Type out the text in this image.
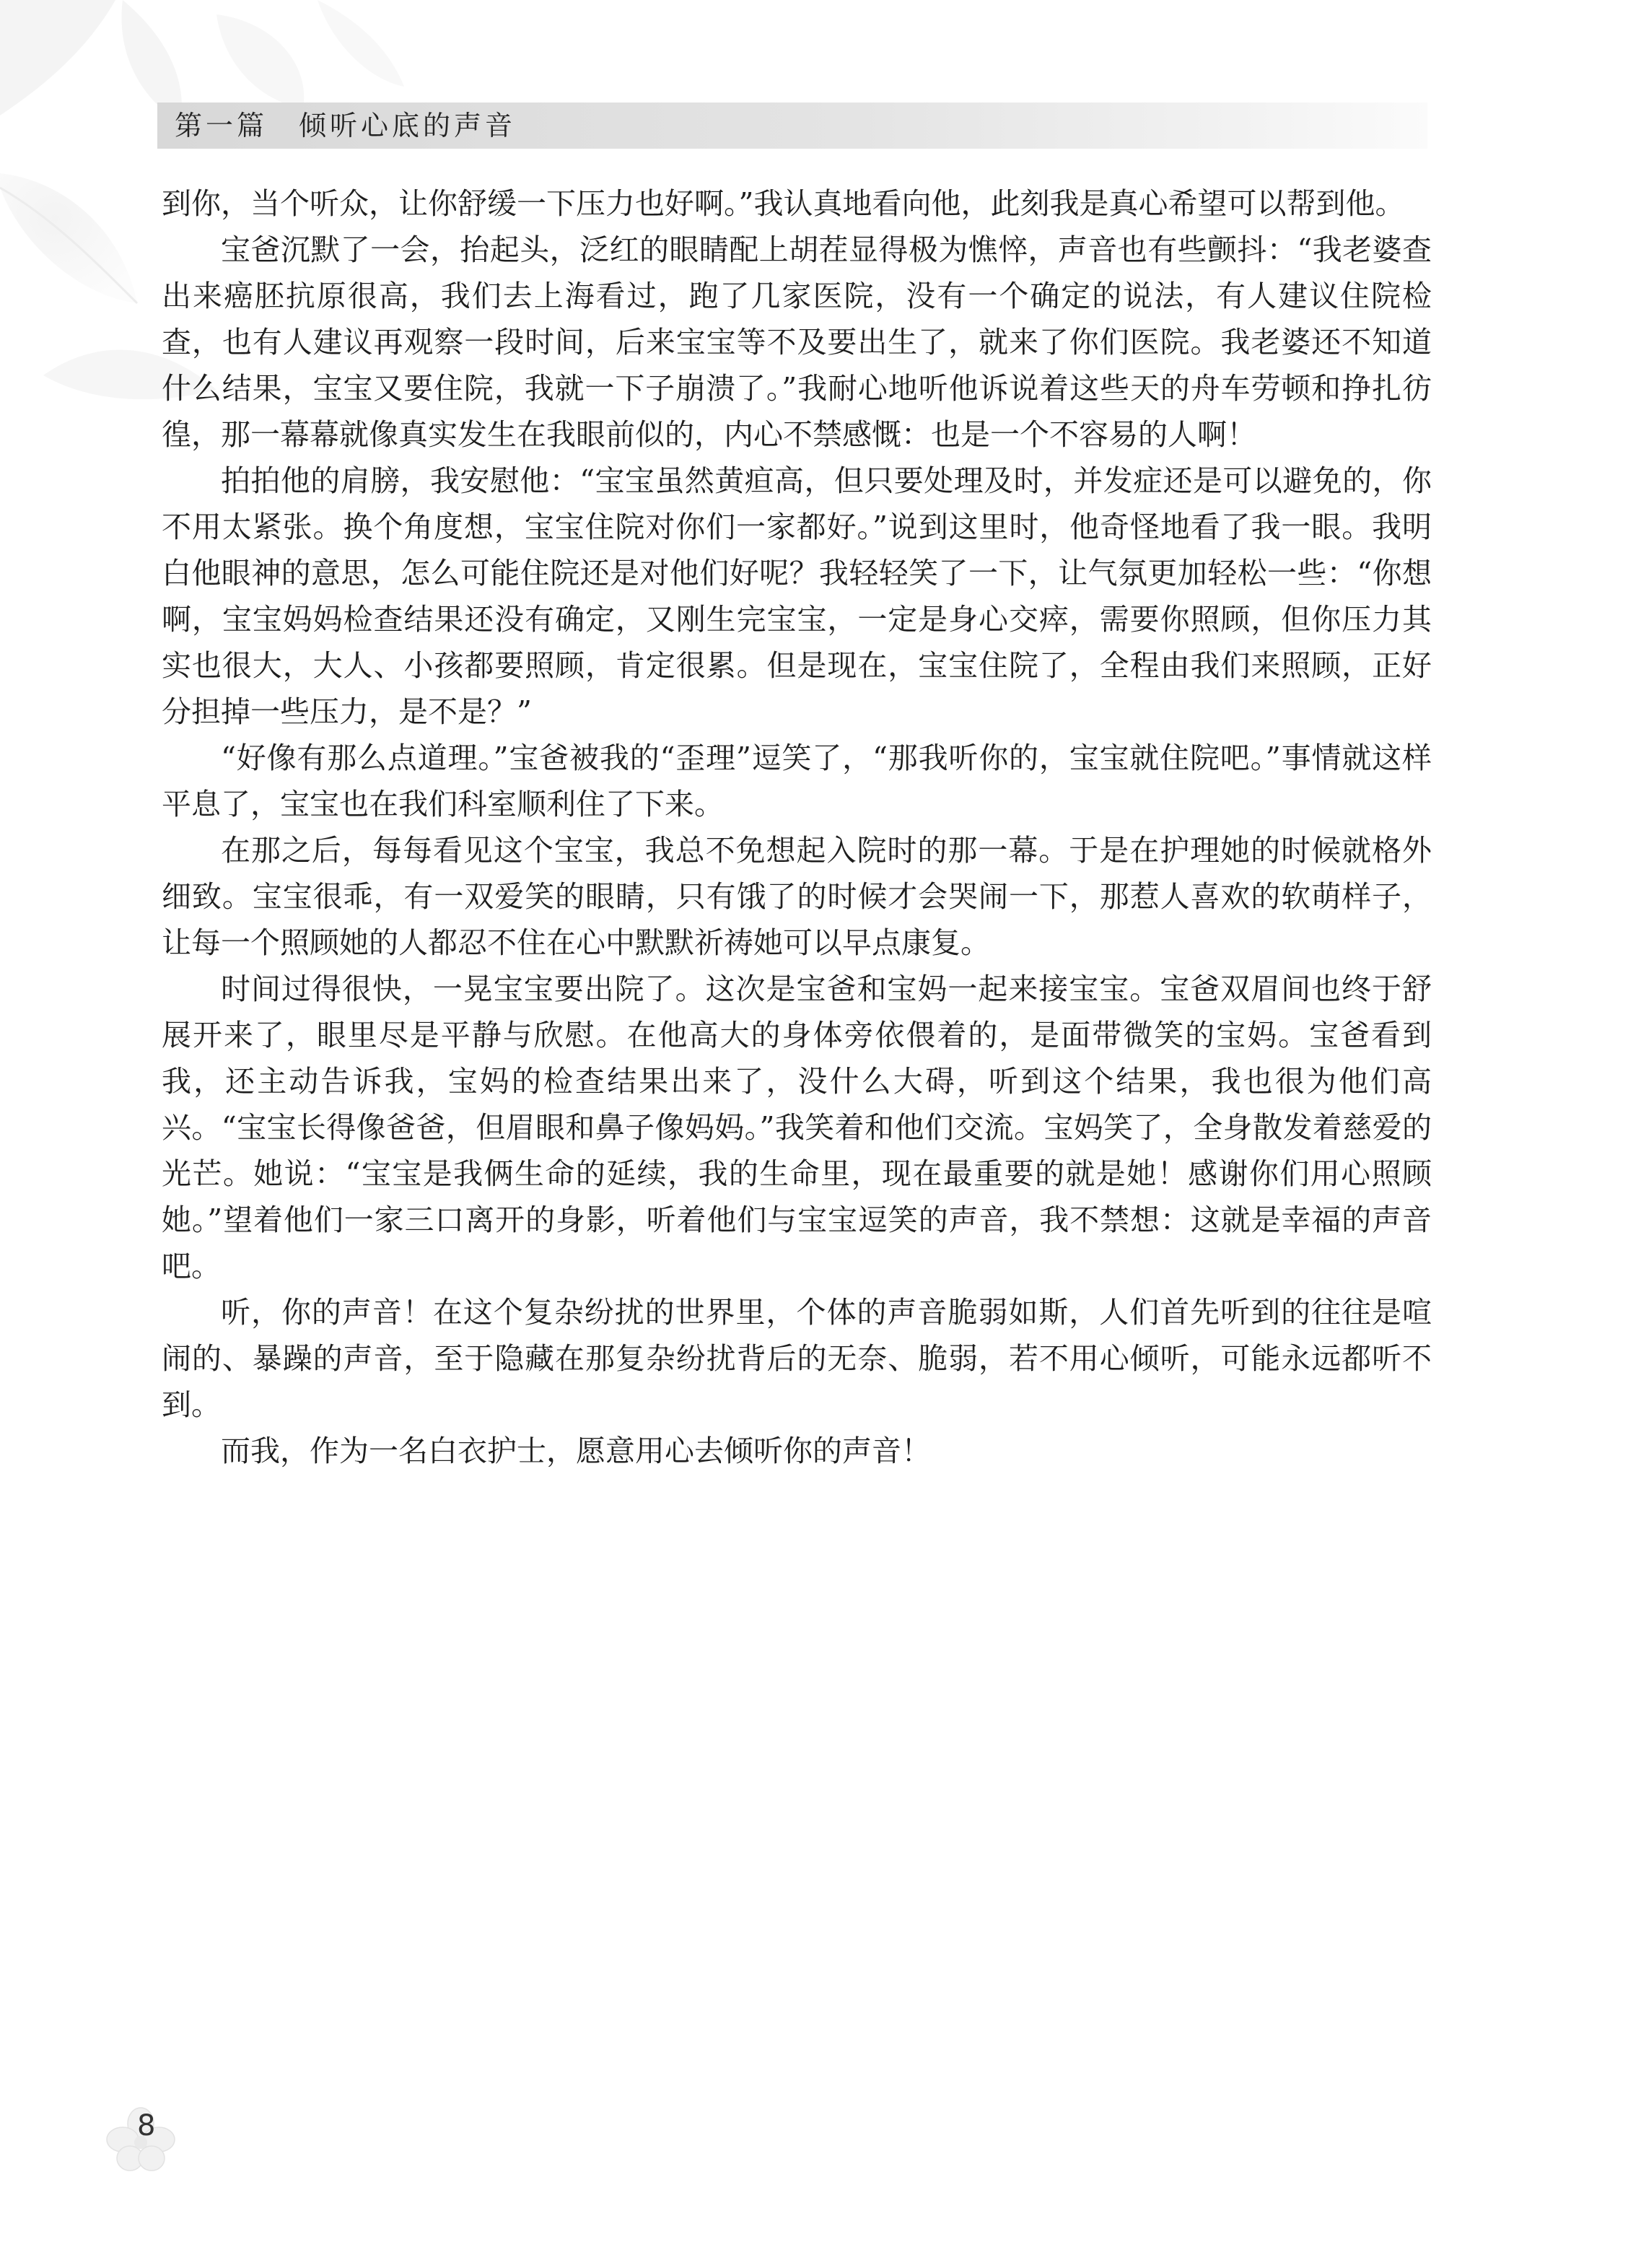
第一篇　倾听心底的声音

到你，当个听众，让你舒缓一下压力也好啊。”我认真地看向他，此刻我是真心希望可以帮到他。

宝爸沉默了一会，抬起头，泛红的眼睛配上胡茬显得极为憔悴，声音也有些颤抖：“我老婆查出来癌胚抗原很高，我们去上海看过，跑了几家医院，没有一个确定的说法，有人建议住院检查，也有人建议再观察一段时间，后来宝宝等不及要出生了，就来了你们医院。我老婆还不知道什么结果，宝宝又要住院，我就一下子崩溃了。”我耐心地听他诉说着这些天的舟车劳顿和挣扎彷徨，那一幕幕就像真实发生在我眼前似的，内心不禁感慨：也是一个不容易的人啊！

拍拍他的肩膀，我安慰他：“宝宝虽然黄疸高，但只要处理及时，并发症还是可以避免的，你不用太紧张。换个角度想，宝宝住院对你们一家都好。”说到这里时，他奇怪地看了我一眼。我明白他眼神的意思，怎么可能住院还是对他们好呢？我轻轻笑了一下，让气氛更加轻松一些：“你想啊，宝宝妈妈检查结果还没有确定，又刚生完宝宝，一定是身心交瘁，需要你照顾，但你压力其实也很大，大人、小孩都要照顾，肯定很累。但是现在，宝宝住院了，全程由我们来照顾，正好分担掉一些压力，是不是？”

“好像有那么点道理。”宝爸被我的“歪理”逗笑了，“那我听你的，宝宝就住院吧。”事情就这样平息了，宝宝也在我们科室顺利住了下来。

在那之后，每每看见这个宝宝，我总不免想起入院时的那一幕。于是在护理她的时候就格外细致。宝宝很乖，有一双爱笑的眼睛，只有饿了的时候才会哭闹一下，那惹人喜欢的软萌样子，让每一个照顾她的人都忍不住在心中默默祈祷她可以早点康复。

时间过得很快，一晃宝宝要出院了。这次是宝爸和宝妈一起来接宝宝。宝爸双眉间也终于舒展开来了，眼里尽是平静与欣慰。在他高大的身体旁依偎着的，是面带微笑的宝妈。宝爸看到我，还主动告诉我，宝妈的检查结果出来了，没什么大碍，听到这个结果，我也很为他们高兴。“宝宝长得像爸爸，但眉眼和鼻子像妈妈。”我笑着和他们交流。宝妈笑了，全身散发着慈爱的光芒。她说：“宝宝是我俩生命的延续，我的生命里，现在最重要的就是她！感谢你们用心照顾她。”望着他们一家三口离开的身影，听着他们与宝宝逗笑的声音，我不禁想：这就是幸福的声音吧。

听，你的声音！在这个复杂纷扰的世界里，个体的声音脆弱如斯，人们首先听到的往往是喧闹的、暴躁的声音，至于隐藏在那复杂纷扰背后的无奈、脆弱，若不用心倾听，可能永远都听不到。

而我，作为一名白衣护士，愿意用心去倾听你的声音！

8
